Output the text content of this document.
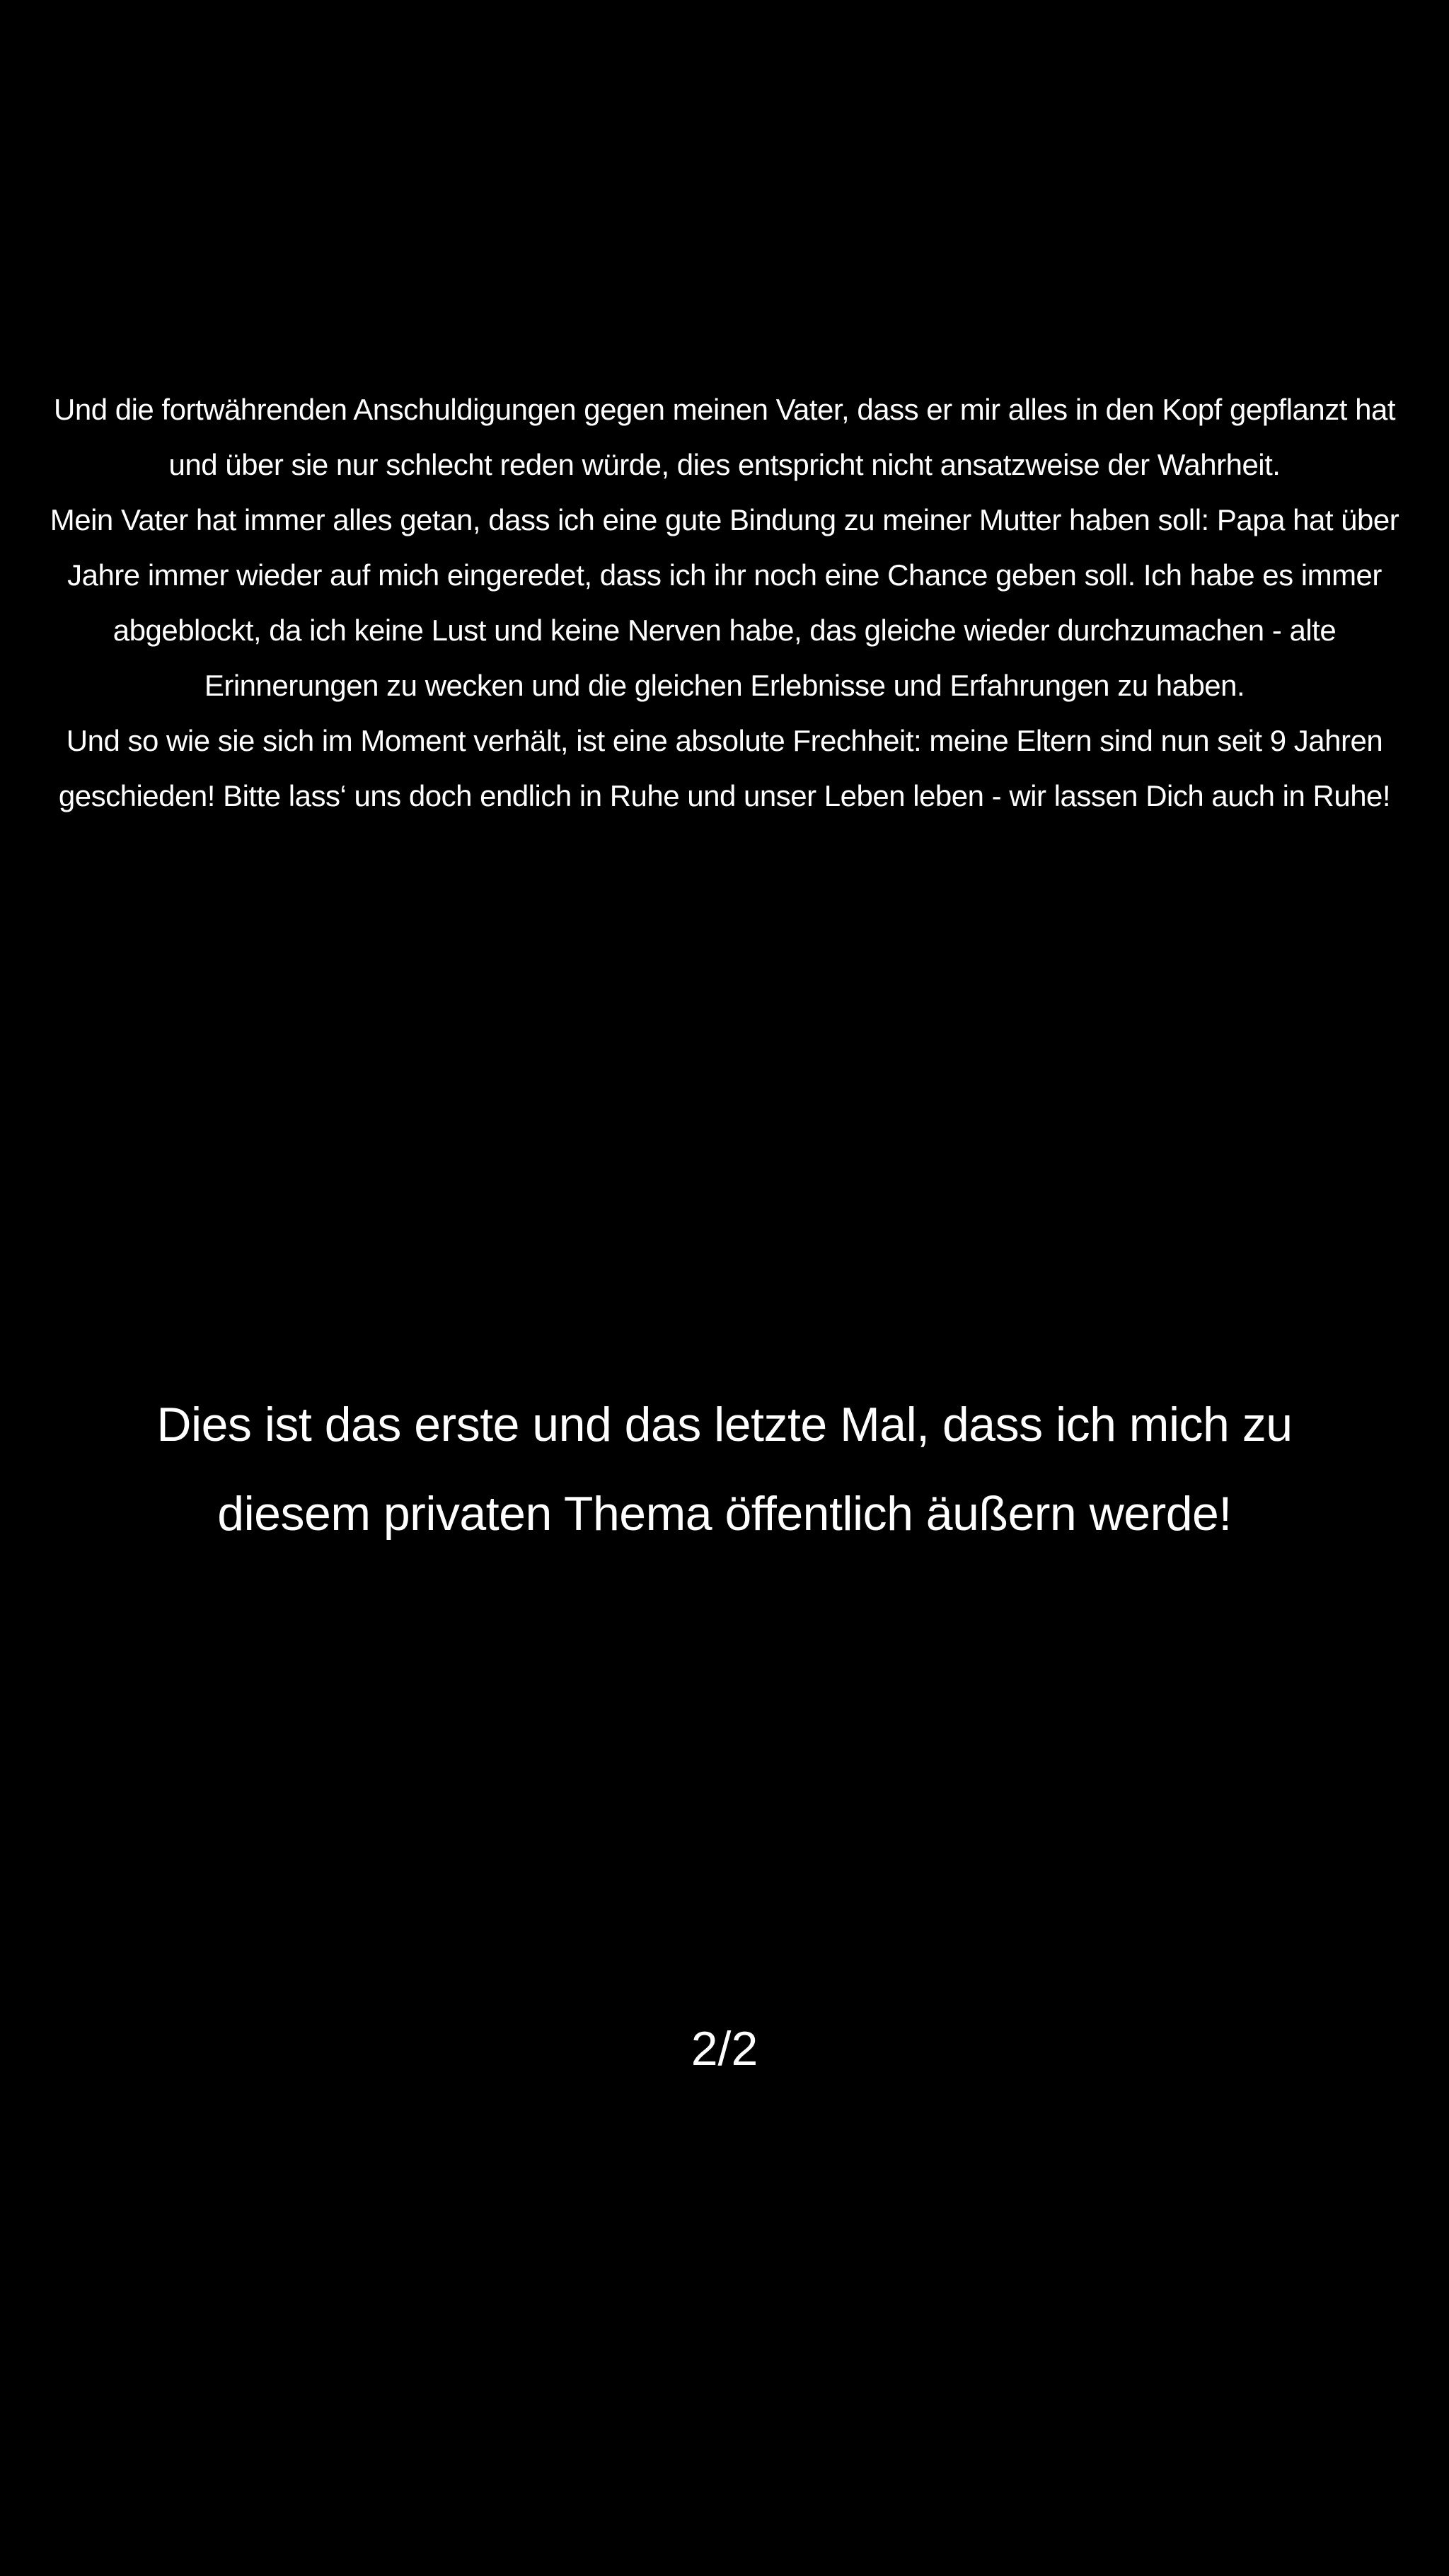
Und die fortwährenden Anschuldigungen gegen meinen Vater, dass er mir alles in den Kopf gepflanzt hat und über sie nur schlecht reden würde, dies entspricht nicht ansatzweise der Wahrheit.

Mein Vater hat immer alles getan, dass ich eine gute Bindung zu meiner Mutter haben soll: Papa hat über Jahre immer wieder auf mich eingeredet, dass ich ihr noch eine Chance geben soll. Ich habe es immer abgeblockt, da ich keine Lust und keine Nerven habe, das gleiche wieder durchzumachen - alte Erinnerungen zu wecken und die gleichen Erlebnisse und Erfahrungen zu haben.

Und so wie sie sich im Moment verhält, ist eine absolute Frechheit: meine Eltern sind nun seit 9 Jahren geschieden! Bitte lass‘ uns doch endlich in Ruhe und unser Leben leben - wir lassen Dich auch in Ruhe!

Dies ist das erste und das letzte Mal, dass ich mich zu diesem privaten Thema öffentlich äußern werde!
2/2
